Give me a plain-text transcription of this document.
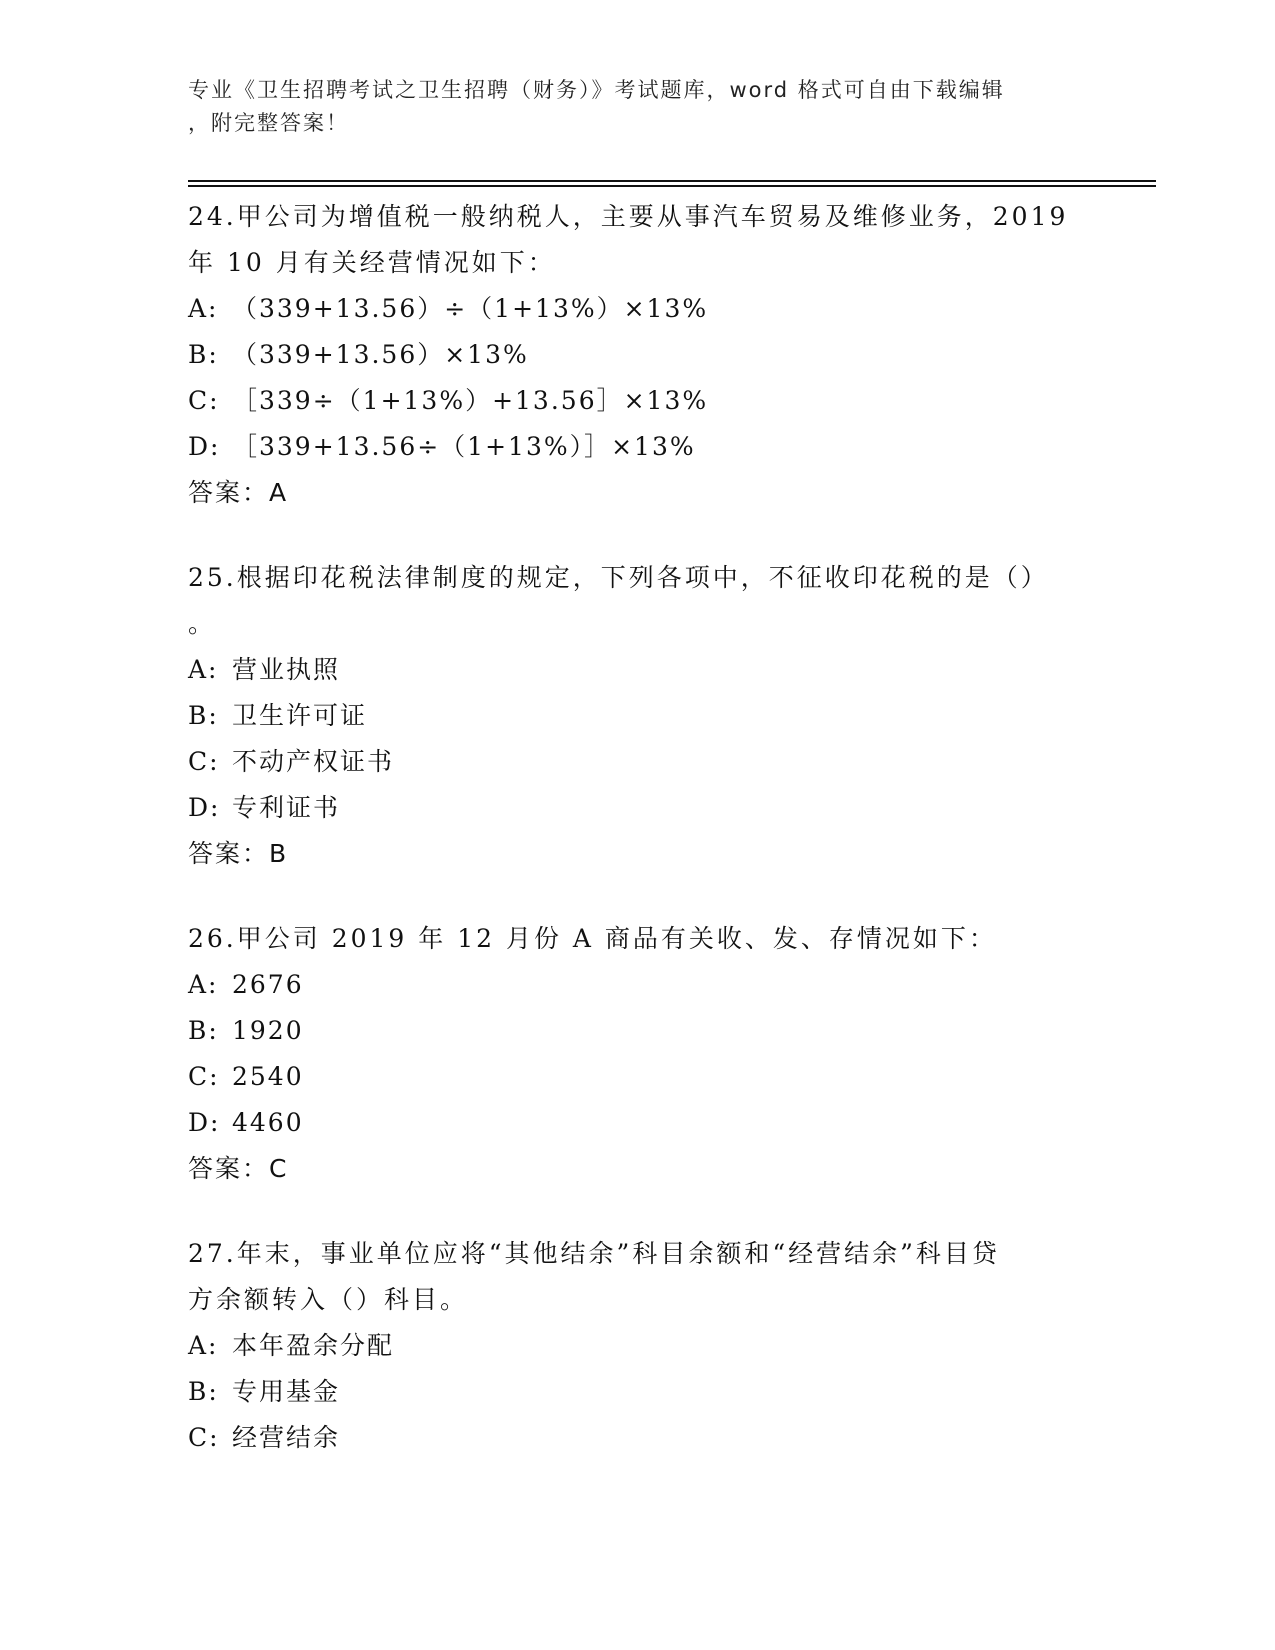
专业《卫生招聘考试之卫生招聘（财务）》考试题库，word 格式可自由下载编辑
，附完整答案！

24.甲公司为增值税一般纳税人，主要从事汽车贸易及维修业务，2019

年 10 月有关经营情况如下：

A: （339+13.56）÷（1+13%）×13%

B: （339+13.56）×13%

C: ［339÷（1+13%）+13.56］×13%

D: ［339+13.56÷（1+13%）］×13%

答案：A

25.根据印花税法律制度的规定，下列各项中，不征收印花税的是（）

。

A: 营业执照

B: 卫生许可证

C: 不动产权证书

D: 专利证书

答案：B

26.甲公司 2019 年 12 月份 A 商品有关收、发、存情况如下：

A: 2676

B: 1920

C: 2540

D: 4460

答案：C

27.年末，事业单位应将“其他结余”科目余额和“经营结余”科目贷

方余额转入（）科目。

A: 本年盈余分配

B: 专用基金

C: 经营结余
